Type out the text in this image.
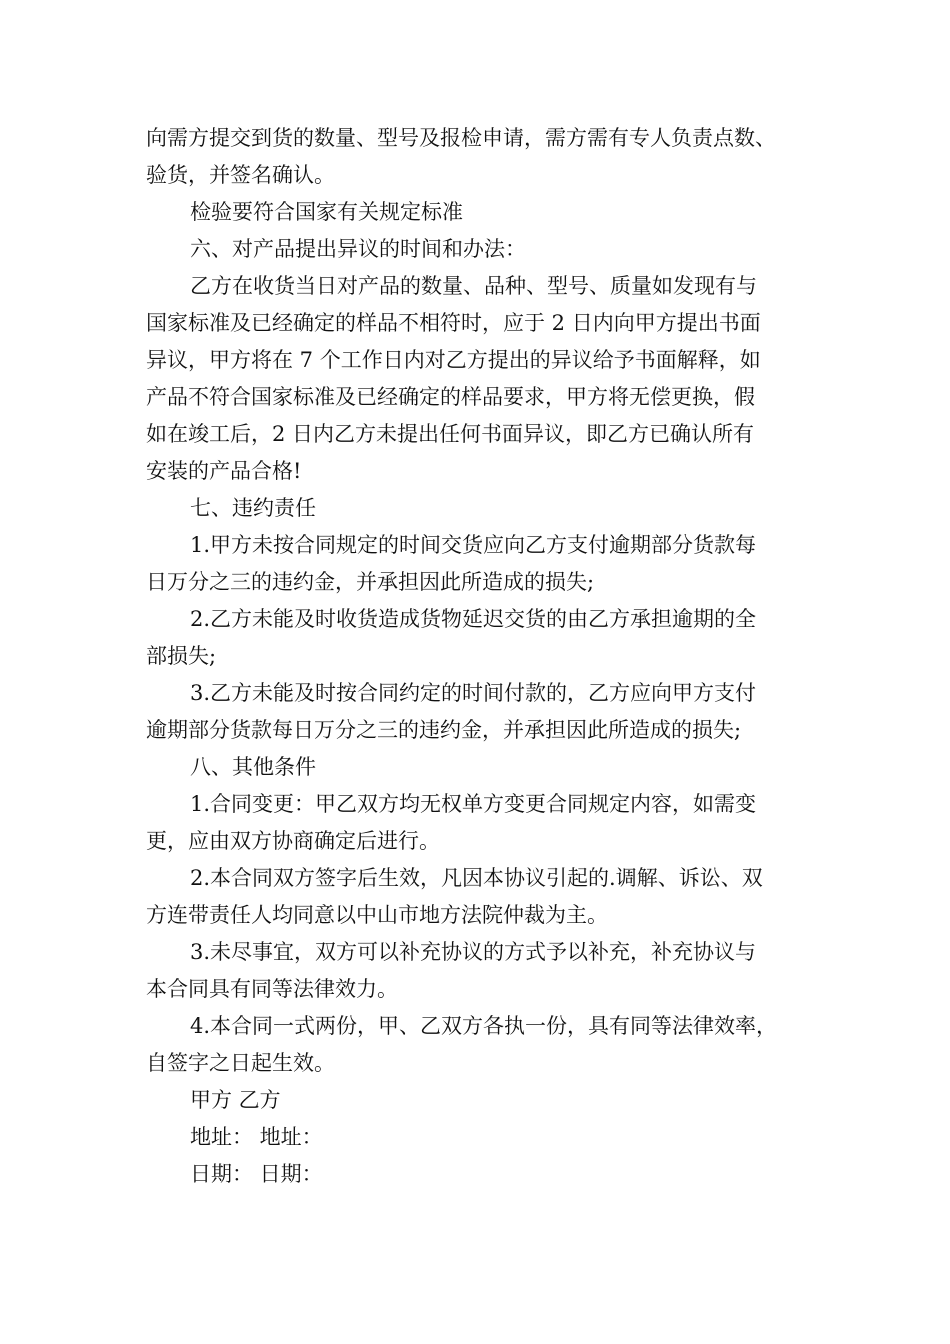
向需方提交到货的数量、型号及报检申请，需方需有专人负责点数、
验货，并签名确认。
检验要符合国家有关规定标准
六、对产品提出异议的时间和办法：
乙方在收货当日对产品的数量、品种、型号、质量如发现有与
国家标准及已经确定的样品不相符时，应于 2 日内向甲方提出书面
异议，甲方将在 7 个工作日内对乙方提出的异议给予书面解释，如
产品不符合国家标准及已经确定的样品要求，甲方将无偿更换，假
如在竣工后，2 日内乙方未提出任何书面异议，即乙方已确认所有
安装的产品合格!
七、违约责任
1.甲方未按合同规定的时间交货应向乙方支付逾期部分货款每
日万分之三的违约金，并承担因此所造成的损失;
2.乙方未能及时收货造成货物延迟交货的由乙方承担逾期的全
部损失;
3.乙方未能及时按合同约定的时间付款的，乙方应向甲方支付
逾期部分货款每日万分之三的违约金，并承担因此所造成的损失;
八、其他条件
1.合同变更：甲乙双方均无权单方变更合同规定内容，如需变
更，应由双方协商确定后进行。
2.本合同双方签字后生效，凡因本协议引起的.调解、诉讼、双
方连带责任人均同意以中山市地方法院仲裁为主。
3.未尽事宜，双方可以补充协议的方式予以补充，补充协议与
本合同具有同等法律效力。
4.本合同一式两份，甲、乙双方各执一份，具有同等法律效率，
自签字之日起生效。
甲方 乙方
地址： 地址：
日期： 日期：
